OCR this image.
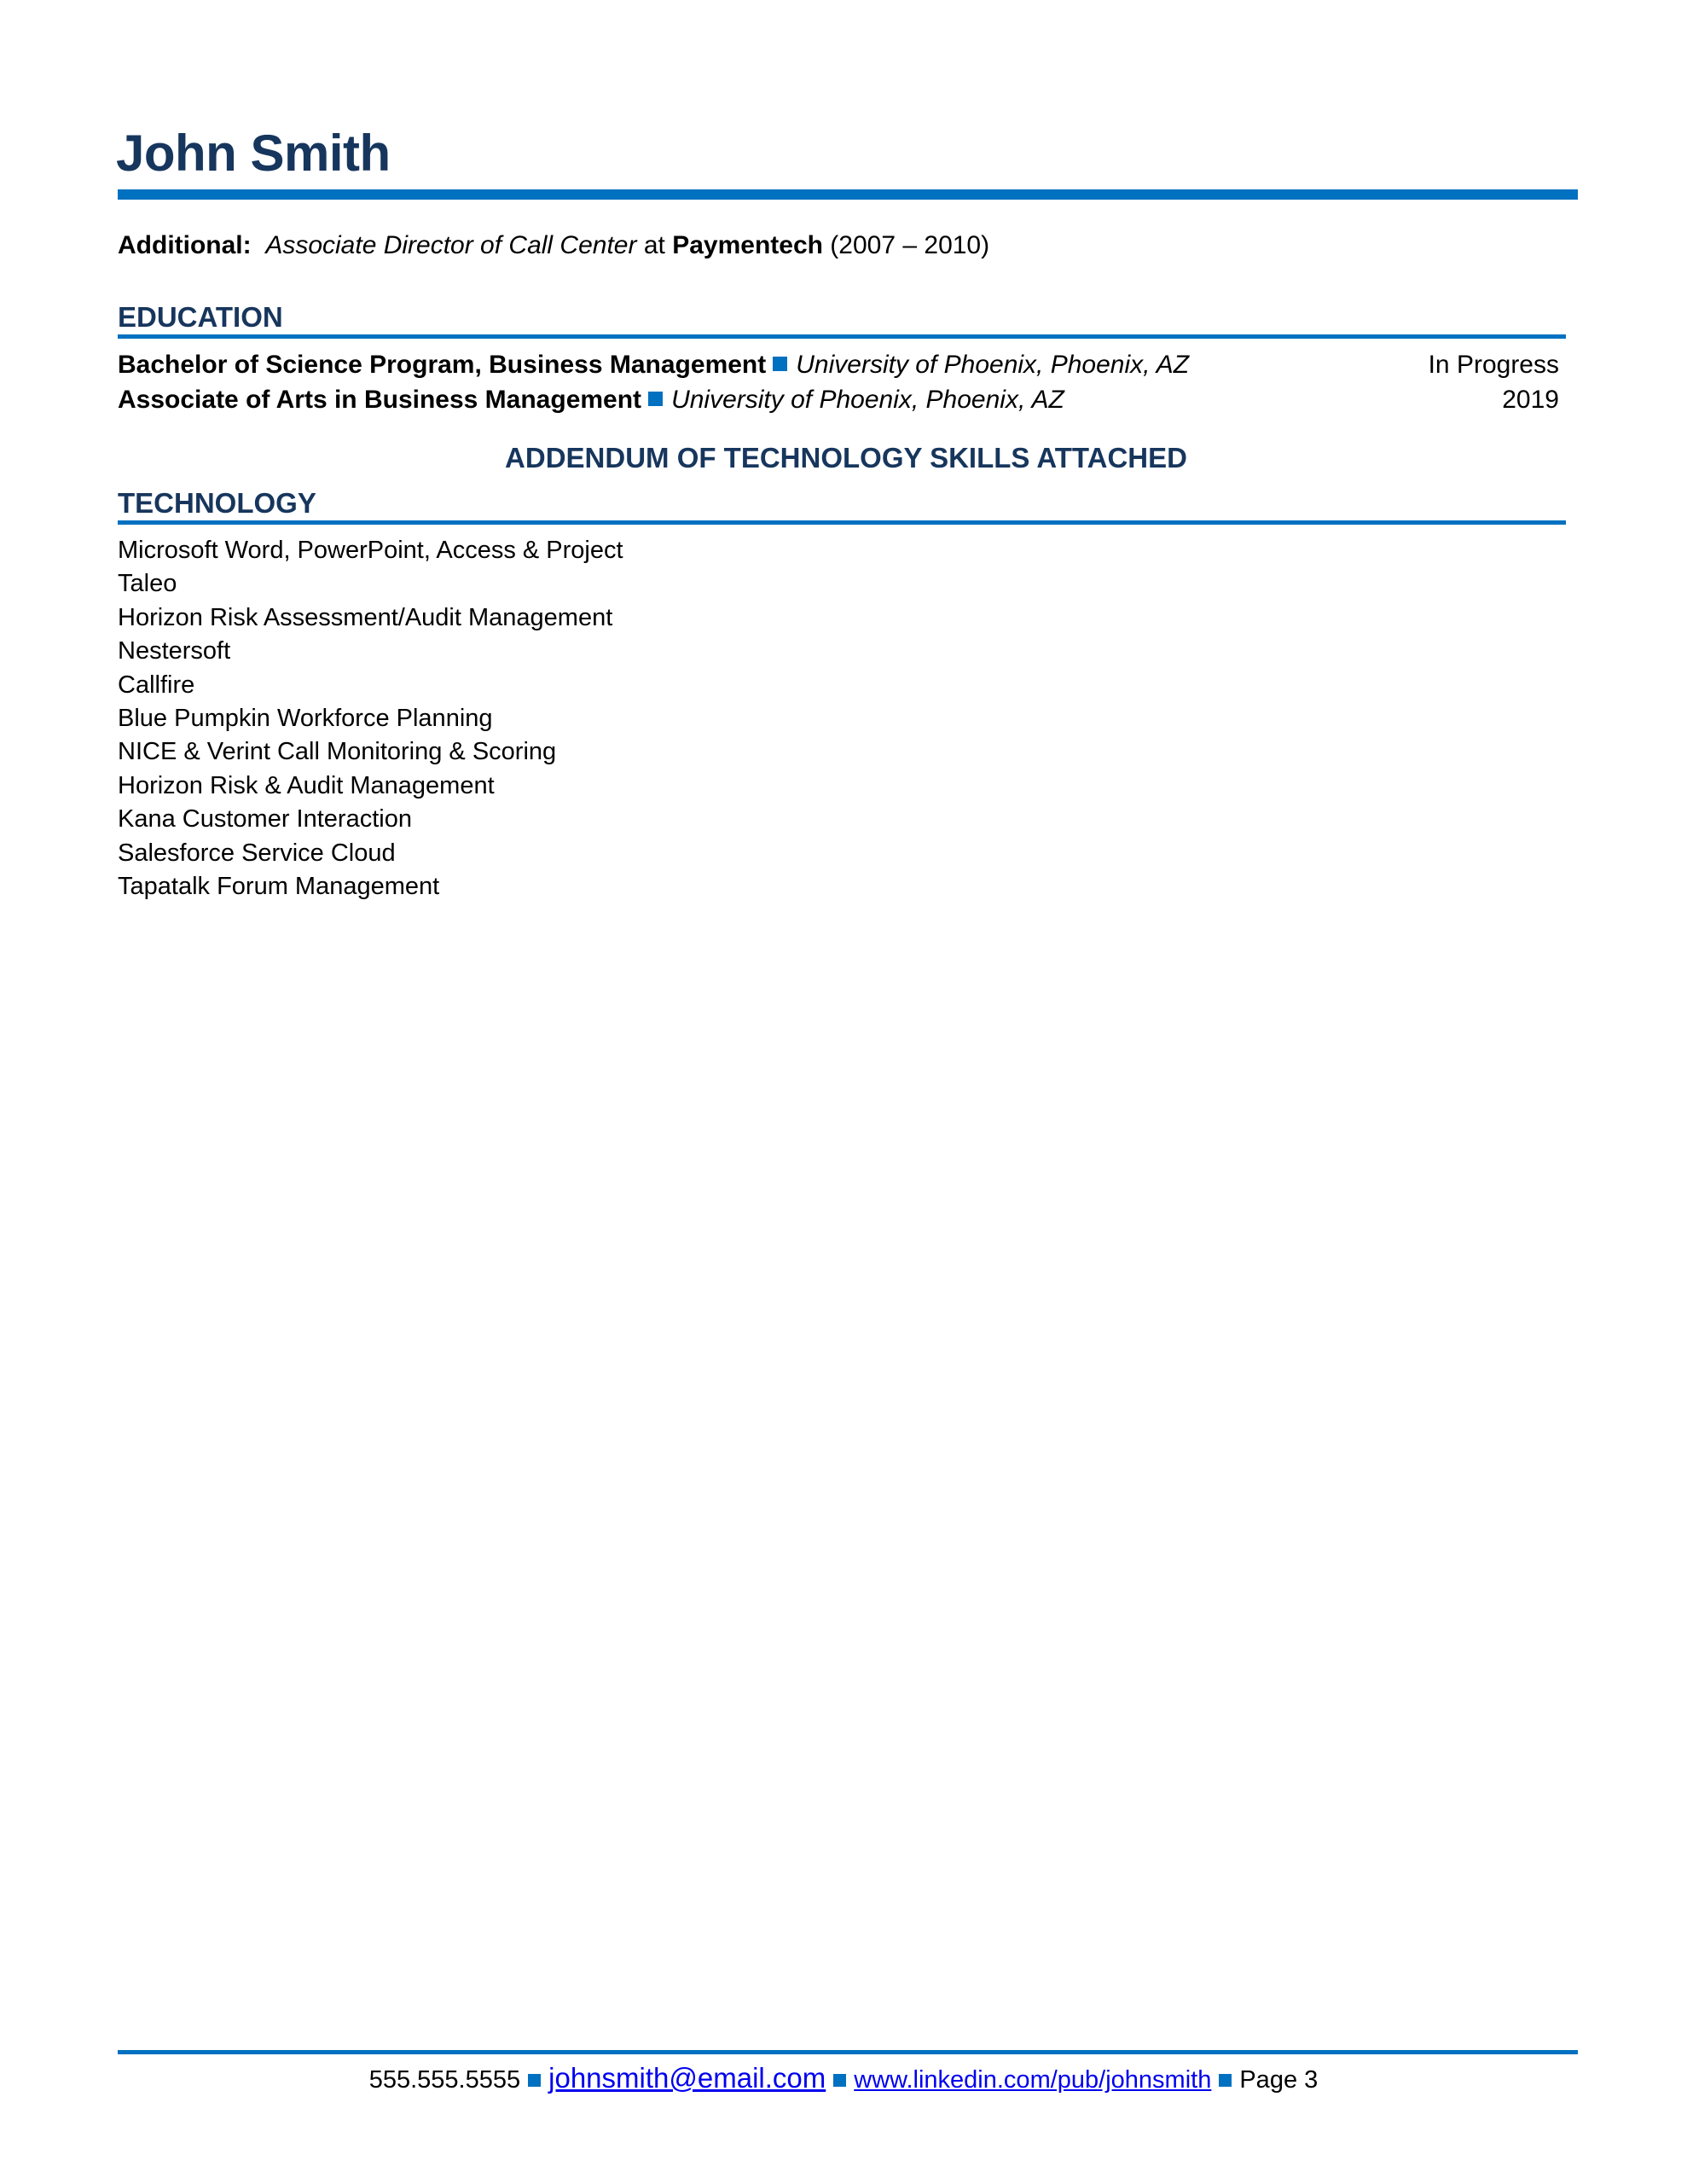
John Smith
Additional: Associate Director of Call Center at Paymentech (2007 – 2010)
EDUCATION
Bachelor of Science Program, Business Management University of Phoenix, Phoenix, AZ	In Progress
Associate of Arts in Business Management University of Phoenix, Phoenix, AZ	2019
ADDENDUM OF TECHNOLOGY SKILLS ATTACHED
TECHNOLOGY
Microsoft Word, PowerPoint, Access & Project
Taleo
Horizon Risk Assessment/Audit Management
Nestersoft
Callfire
Blue Pumpkin Workforce Planning
NICE & Verint Call Monitoring & Scoring
Horizon Risk & Audit Management
Kana Customer Interaction
Salesforce Service Cloud
Tapatalk Forum Management
555.555.5555 johnsmith@email.com www.linkedin.com/pub/johnsmith Page 3
